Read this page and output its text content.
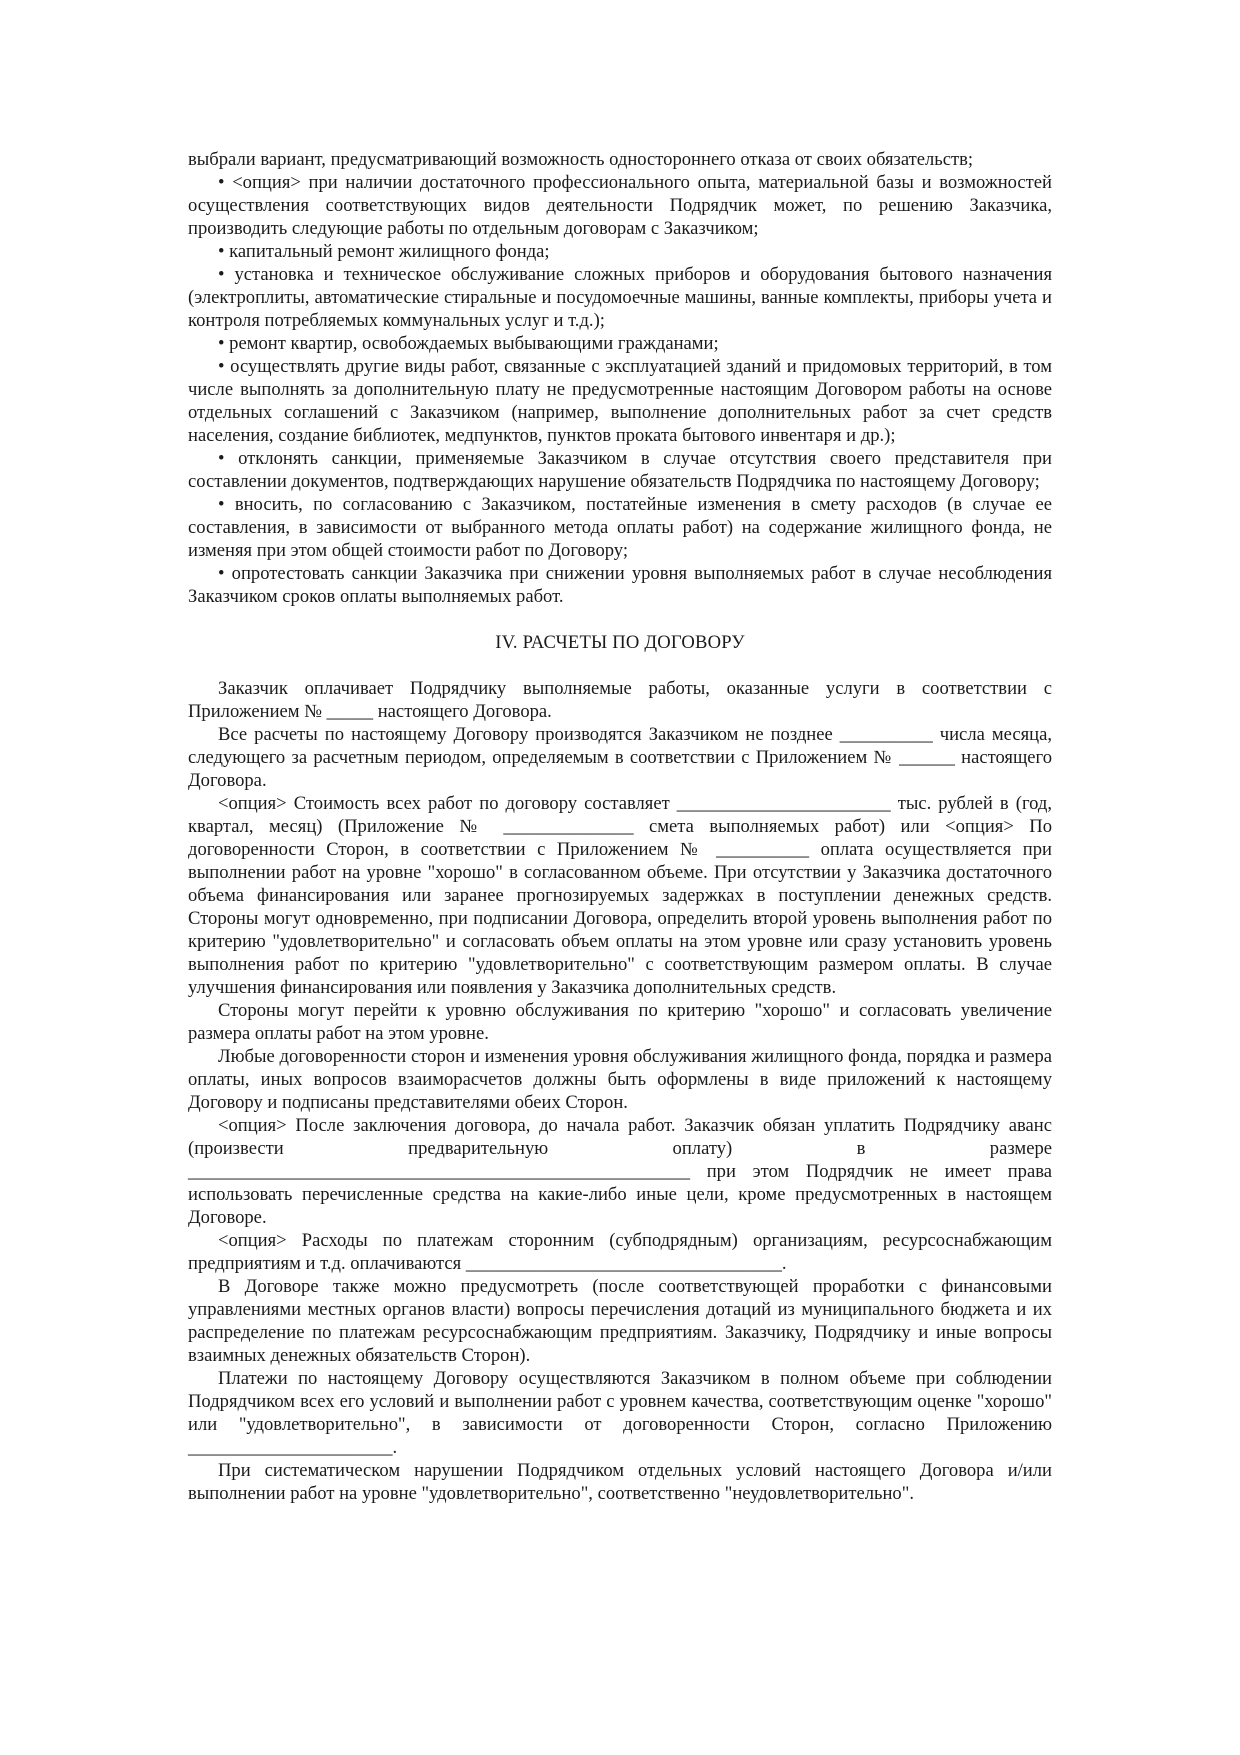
выбрали вариант, предусматривающий возможность одностороннего отказа от своих обязательств;

• <опция> при наличии достаточного профессионального опыта, материальной базы и возможностей осуществления соответствующих видов деятельности Подрядчик может, по решению Заказчика, производить следующие работы по отдельным договорам с Заказчиком;

• капитальный ремонт жилищного фонда;

• установка и техническое обслуживание сложных приборов и оборудования бытового назначения (электроплиты, автоматические стиральные и посудомоечные машины, ванные комплекты, приборы учета и контроля потребляемых коммунальных услуг и т.д.);

• ремонт квартир, освобождаемых выбывающими гражданами;

• осуществлять другие виды работ, связанные с эксплуатацией зданий и придомовых территорий, в том числе выполнять за дополнительную плату не предусмотренные настоящим Договором работы на основе отдельных соглашений с Заказчиком (например, выполнение дополнительных работ за счет средств населения, создание библиотек, медпунктов, пунктов проката бытового инвентаря и др.);

• отклонять санкции, применяемые Заказчиком в случае отсутствия своего представителя при составлении документов, подтверждающих нарушение обязательств Подрядчика по настоящему Договору;

• вносить, по согласованию с Заказчиком, постатейные изменения в смету расходов (в случае ее составления, в зависимости от выбранного метода оплаты работ) на содержание жилищного фонда, не изменяя при этом общей стоимости работ по Договору;

• опротестовать санкции Заказчика при снижении уровня выполняемых работ в случае несоблюдения Заказчиком сроков оплаты выполняемых работ.

IV. РАСЧЕТЫ ПО ДОГОВОРУ

Заказчик оплачивает Подрядчику выполняемые работы, оказанные услуги в соответствии с Приложением № _____ настоящего Договора.

Все расчеты по настоящему Договору производятся Заказчиком не позднее __________ числа месяца, следующего за расчетным периодом, определяемым в соответствии с Приложением № ______ настоящего Договора.

<опция> Стоимость всех работ по договору составляет _______________________ тыс. рублей в (год, квартал, месяц) (Приложение № ______________ смета выполняемых работ) или <опция> По договоренности Сторон, в соответствии с Приложением № __________ оплата осуществляется при выполнении работ на уровне "хорошо" в согласованном объеме. При отсутствии у Заказчика достаточного объема финансирования или заранее прогнозируемых задержках в поступлении денежных средств. Стороны могут одновременно, при подписании Договора, определить второй уровень выполнения работ по критерию "удовлетворительно" и согласовать объем оплаты на этом уровне или сразу установить уровень выполнения работ по критерию "удовлетворительно" с соответствующим размером оплаты. В случае улучшения финансирования или появления у Заказчика дополнительных средств.

Стороны могут перейти к уровню обслуживания по критерию "хорошо" и согласовать увеличение размера оплаты работ на этом уровне.

Любые договоренности сторон и изменения уровня обслуживания жилищного фонда, порядка и размера оплаты, иных вопросов взаиморасчетов должны быть оформлены в виде приложений к настоящему Договору и подписаны представителями обеих Сторон.

<опция> После заключения договора, до начала работ. Заказчик обязан уплатить Подрядчику аванс (произвести предварительную оплату) в размере ______________________________________________________ при этом Подрядчик не имеет права использовать перечисленные средства на какие-либо иные цели, кроме предусмотренных в настоящем Договоре.

<опция> Расходы по платежам сторонним (субподрядным) организациям, ресурсоснабжающим предприятиям и т.д. оплачиваются __________________________________.

В Договоре также можно предусмотреть (после соответствующей проработки с финансовыми управлениями местных органов власти) вопросы перечисления дотаций из муниципального бюджета и их распределение по платежам ресурсоснабжающим предприятиям. Заказчику, Подрядчику и иные вопросы взаимных денежных обязательств Сторон).

Платежи по настоящему Договору осуществляются Заказчиком в полном объеме при соблюдении Подрядчиком всех его условий и выполнении работ с уровнем качества, соответствующим оценке "хорошо" или "удовлетворительно", в зависимости от договоренности Сторон, согласно Приложению ______________________.

При систематическом нарушении Подрядчиком отдельных условий настоящего Договора и/или выполнении работ на уровне "удовлетворительно", соответственно "неудовлетворительно".
